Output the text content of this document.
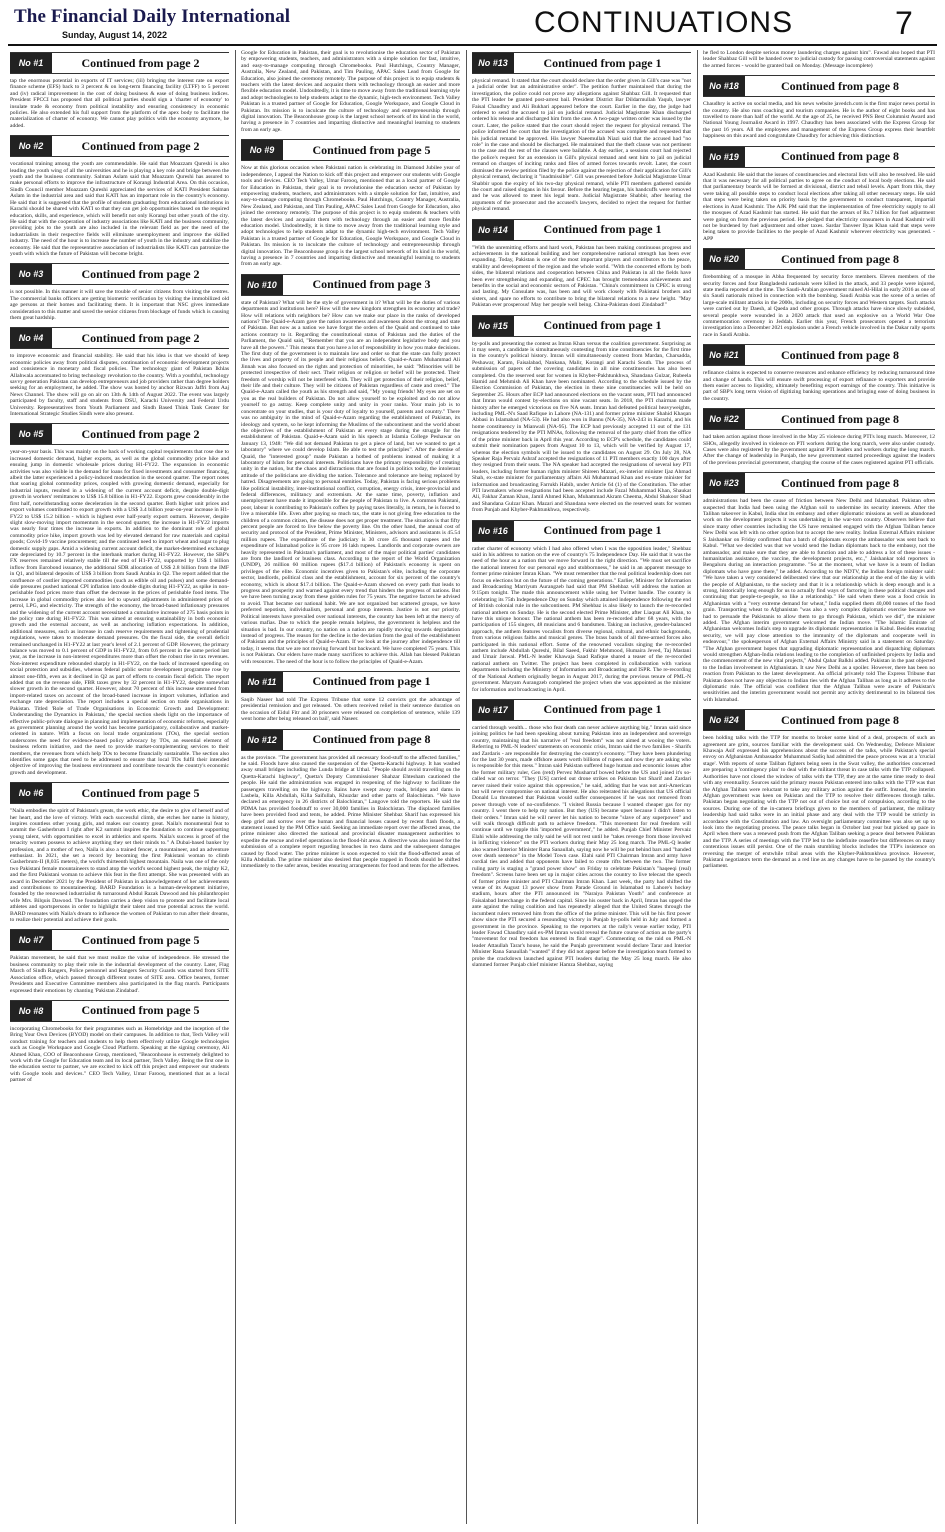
The Financial Daily International
Sunday, August 14, 2022	CONTINUATIONS	7
No #1	Continued from page 2

tap the enormous potential in exports of IT services; (iii) bringing the interest rate on export finance scheme (EFS) back to 3 percent & on long-term financing facility (LTFF) to 5 percent and (iv) radical improvement in the cost of doing business & ease of doing business indices. President FPCCI has proposed that all political parties should sign a 'charter of economy' to insulate trade & economy from political instability and ensuring consistency in economic policies. He also extended his full support from the platform of the apex body to facilitate the materialization of charter of economy. We cannot play politics with the economy anymore, he added.

No #2	Continued from page 2

vocational training among the youth are commendable. He said that Moazzam Qureshi is also leading the youth wing of all the universities and he is playing a key role and bridge between the youth and the business community. Salman Aslam said that Moazzam Qureshi has assured to make personal efforts to improve the infrastructure of Korangi Industrial Area. On this occasion, Sindh Council member Moazzam Qureshi appreciated the services of KATI President Salman Aslam in the industrial area and said that KATI has an important role in the country's economy. He said that it is suggested that the profile of students graduating from educational institutions in Karachi should be shared with KATI so that they can get job opportunities based on the required education, skills, and experience, which will benefit not only Korangi but other youth of the city. He said that with the cooperation of industry associations like KATI and the business community, providing jobs to the youth are also included in the relevant field as per the need of the industrialists in their respective fields will eliminate unemployment and improve the skilled industry. The need of the hour is to increase the number of youth in the industry and stabilize the economy. He said that the representative association of industrialists like KATI can patronize the youth with which the future of Pakistan will become bright.

No #3	Continued from page 2

is not possible. In this manner it will save the trouble of senior citizens from visiting the centres. The commercial banks officers are getting biometric verification by visiting the immobilized old age persons at their homes and facilitating them. It is important that NSC gives immediate consideration to this matter and saved the senior citizens from blockage of funds which is causing them great hardship.

No #4	Continued from page 2

to improve economic and financial stability. He said that his idea is that we should of keep economic policies away from political disputes, continuation of economic development projects and consistence in monetary and fiscal policies. The technology giant of Pakistan Ikhlas Allahwala accentuated to bring technology revolution to the country. With a youthful, technology savvy generation Pakistan can develop entrepreneurs and job providers rather than degree holders seeking for an employment, he added. The show was hosted by anchor Rizwan Jaffri from Aaj News Channel. The show will go on air on 13th & 14th of August 2022. The event was largely participated by faculty, staff and students from DSU, Karachi University and Federal Urdu University. Representatives from Youth Parliament and Sindh Based Think Tank Center for International Strategic Studies Sindh were also present.

No #5	Continued from page 2

year-on-year basis. This was mainly on the back of working capital requirements that rose due to increased domestic demand, higher exports, as well as the global commodity price hike and ensuing jump in domestic wholesale prices during H1-FY22. The expansion in economic activities was also visible in the demand for loans for fixed investments and consumer financing, albeit the latter experienced a policy-induced moderation in the second quarter. The report notes that soaring global commodity prices, coupled with growing domestic demand, especially for industrial inputs, resulted in a widening of the current account deficit, despite double-digit growth in workers' remittances to US$ 15.8 billion in H1-FY22. Exports grew considerably in the first half, notwithstanding some deceleration in the second quarter. Both higher unit prices and export volumes contributed to export growth with a US$ 3.4 billion year-on-year increase in H1-FY22 to US$ 15.2 billion - which is highest ever half-yearly export outturn. However, despite slight slow-moving import momentum in the second quarter, the increase in H1-FY22 imports was nearly four times the increase in exports. In addition to the dominant role of global commodity price hike, import growth was led by elevated demand for raw materials and capital goods; Covid-19 vaccine procurement; and the continued need to import wheat and sugar to plug domestic supply gaps. Amid a widening current account deficit, the market-determined exchange rate depreciated by 10.7 percent in the interbank market during H1-FY22. However, the SBP's FX reserves remained relatively stable till the end of H1-FY22, supported by US$ 1 billion inflow from Eurobond issuance, the additional SDR allocation of US$ 2.8 billion from the IMF in Q1, and bilateral deposits of US$ 3 billion from Saudi Arabia in Q2. The report added that the confluence of costlier imported commodities (such as edible oil and pulses) and some demand-side pressures pushed national CPI inflation into double digits during H1-FY22, as spike in non-perishable food prices more than offset the decrease in the prices of perishable food items. The increase in global commodity prices also led to upward adjustments in administered prices of petrol, LPG, and electricity. The strength of the economy, the broad-based inflationary pressures and the widening of the current account necessitated a cumulative increase of 275 basis points in the policy rate during H1-FY22. This was aimed at ensuring sustainability in both economic growth and the external account, as well as anchoring inflation expectations. In addition, additional measures, such as increase in cash reserve requirements and tightening of prudential regulations, were taken to moderate demand pressures. On the fiscal side, the overall deficit remained unchanged in H1-FY22 at last year's level of 2.1 percent of GDP. However, the primary balance was moved to 0.1 percent of GDP in H1-FY22, from 0.6 percent in the same period last year, as the increase in non-interest expenditures more than offset the robust rise in tax revenues. Non-interest expenditure rebounded sharply in H1-FY22, on the back of increased spending on social protection and subsidies, whereas federal public sector development programme rose by almost one-fifth, even as it declined in Q2 as part of efforts to contain fiscal deficit. The report added that on the revenue side, FBR taxes grew by 32 percent in H1-FY22, despite somewhat slower growth in the second quarter. However, about 70 percent of this increase stemmed from import-related taxes on account of the broad-based increase in import volumes, inflation and exchange rate depreciation. The report includes a special section on trade organisations in Pakistan. Titled 'Role of Trade Organisations in Economic Growth and Development: Understanding the Dynamics in Pakistan,' the special section sheds light on the importance of effective public-private dialogue in planning and implementation of economic reforms, especially as government planning around the world has become participatory, collaborative and market-oriented in nature. With a focus on local trade organizations (TOs), the special section underscores the need for evidence-based policy advocacy by TOs, an essential element of business reform initiative, and the need to provide market-complementing services to their members, the revenues from which help TOs to become financially sustainable. The section also identifies some gaps that need to be addressed to ensure that local TOs fulfil their intended objective of improving the business environment and contribute towards the country's economic growth and development.

No #6	Continued from page 5

"Naila embodies the spirit of Pakistan's greats, the work ethic, the desire to give of herself and of her heart, and the love of victory. With each successful climb, she etches her name in history, inspires countless other young girls, and makes our country great. Naila's monumental feat to summit the Gasherbrum I right after K2 summit inspires the foundation to continue supporting young talent, with opportunities to excel in athletics and sports. Naila's success is proof of the tenacity women possess to achieve anything they set their minds to." A Dubai-based banker by profession, and a mother of two, Naila is also a trained fencer, a mountaineer, and an adventure enthusiast. In 2021, she set a record by becoming the first Pakistani woman to climb Gasherbrum-II (8,035 meters), the world's thirteenth highest mountain. Naila was one of the only two Pakistani female mountaineers to stand atop the world's second highest peak, the mighty K2, and the first Pakistani woman to achieve this feat in the first attempt. She was presented with an award in December 2021 by the President of Pakistan in acknowledgement of her achievements and contributions to mountaineering. BARD Foundation is a human-development initiative, founded by the renowned industrialist & turnaround Abdul Razak Dawood and his philanthropist wife Mrs. Bilquis Dawood. The foundation carries a deep vision to promote and facilitate local athletes and sportspersons in order to highlight their talent and true potential across the world. BARD resonates with Naila's dream to influence the women of Pakistan to run after their dreams, to realize their potential and achieve their goals.

No #7	Continued from page 5

Pakistan movement, he said that we must realize the value of independence. He stressed the business community to play their role in the industrial development of the country. Later, Flag March of Sindh Rangers, Police personnel and Rangers Security Guards was started from SITE Association office, which passed through different routes of SITE area. Office bearers, former Presidents and Executive Committee members also participated in the flag march. Participants expressed their emotions by chanting 'Pakistan Zindabad'.

No #8	Continued from page 5

incorporating Chromebooks for their programmes such as Homebridge and the inception of the Bring Your Own Devices (BYOD) model on their campuses. In addition to that, Tech Valley will conduct training for teachers and students to help them effectively utilize Google technologies such as Google Workspace and Google Cloud Platform. Speaking at the signing ceremony, Ali Ahmed Khan, COO of Beaconhouse Group, mentioned, "Beaconhouse is extremely delighted to work with the Google for Education team and its local partner, Tech Valley. Being the first one in the education sector to partner, we are excited to kick off this project and empower our students with Google tools and devices." CEO Tech Valley, Umar Farooq, mentioned that as a local partner of

Google for Education in Pakistan, their goal is to revolutionise the education sector of Pakistan by empowering students, teachers, and administrators with a simple solution for fast, intuitive, and easy-to-manage computing through Chromebooks. Paul Hutchings, Country Manager, Australia, New Zealand, and Pakistan, and Tim Pauling, APAC Sales Lead from Google for Education, also joined the ceremony remotely. The purpose of this project is to equip students & teachers with the latest devices and acquaint them with technology through an easier and more flexible education model. Undoubtedly, it is time to move away from the traditional learning style and adopt technologies to help students adapt to the dynamic, high-tech environment. Tech Valley Pakistan is a trusted partner of Google for Education, Google Workspace, and Google Cloud in Pakistan. Its mission is to inculcate the culture of technology and entrepreneurship through digital innovation. The Beaconhouse group is the largest school network of its kind in the world, having a presence in 7 countries and imparting distinctive and meaningful learning to students from an early age.

No #9	Continued from page 5

Now at this glorious occasion when Pakistani nation is celebrating its Diamond Jubilee year of independence, I appeal the Nation to kick off this project and empower our students with Google tools and devices. CEO Tech Valley, Umar Farooq, mentioned that as a local partner of Google for Education in Pakistan, their goal is to revolutionise the education sector of Pakistan by empowering students, teachers, and administrators with a simple solution for fast, intuitive, and easy-to-manage computing through Chromebooks. Paul Hutchings, Country Manager, Australia, New Zealand, and Pakistan, and Tim Pauling, APAC Sales Lead from Google for Education, also joined the ceremony remotely. The purpose of this project is to equip students & teachers with the latest devices and acquaint them with technology through an easier and more flexible education model. Undoubtedly, it is time to move away from the traditional learning style and adopt technologies to help students adapt to the dynamic high-tech environment. Tech Valley Pakistan is a trusted partner of Google for Education, Google Workspace, and Google Cloud in Pakistan. Its mission is to inculcate the culture of technology and entrepreneurship through digital innovation. The Beaconhouse group is the largest school network of its kind in the world, having a presence in 7 countries and imparting distinctive and meaningful learning to students from an early age.

No #10	Continued from page 3

state of Pakistan? What will be the style of government in it? What will be the duties of various departments and institutions here? How will the new kingdom strengthen its economy and trade? How will relations with neighbors be? How can we make our place in the ranks of developed nations? The Quaid-e-Azam gave the nation awareness and awareness about the strong and state of Pakistan. But now as a nation we have forgot the orders of the Quaid and continued to take actions contrary to it. Regarding the constitutional status of Pakistan and the duties of the Parliament, the Quaid said, "Remember that you are an independent legislative body and you have all the powers." This means that you have a lot of responsibility in how you make decisions. The first duty of the government is to maintain law and order so that the state can fully protect the lives and property of its people and their religious beliefs. Quaid-e-Azam Muhammad Ali Jinnah was also focused on the rights and protection of minorities, he said: "Minorities will be protected irrespective of their sect. Their religion or religion or belief will be protected. Their freedom of worship will not be interfered with. They will get protection of their religion, belief, their life and their culture. They will be citizens of Pakistan regardless of caste and creed." The Quaid-e-Azam called the youth as his strength and said, "My young friends! My eyes are set on you as the real builders of Pakistan. Do not allow yourself to be exploited and do not allow yourself to go astray. Keep complete unity and unity in your ranks. Your main job is to concentrate on your studies, that is your duty of loyalty to yourself, parents and country." There was no ambiguity in the mind of Quaid-e-Azam regarding the establishment of Pakistan, its ideology and system, so he kept informing the Muslims of the subcontinent and the world about the objectives of the establishment of Pakistan at every stage during the struggle for the establishment of Pakistan. Quaid-e-Azam said in his speech at Islamia College Peshawar on January 13, 1948: "We did not demand Pakistan to get a piece of land, but we wanted to get a laboratory" where we could develop Islam. Be able to test the principles". After the demise of Quaid, the "interested group" made Pakistan a hotbed of problems instead of making it a laboratory of Islam for personal interests. Politicians have the primary responsibility of creating unity in the nation, but the chaos and distractions that are found in politics today, the intolerant attitude of the politicians are dividing the nation. Tolerance and tolerance are being replaced by hatred. Disagreements are going to personal enmities. Today, Pakistan is facing serious problems like political instability, inter-institutional conflict, corruption, energy crisis, inter-provincial and federal differences, militancy and extremism. At the same time, poverty, inflation and unemployment have made it impossible for the people of Pakistan to live. A common Pakistani, poor, labour is contributing to Pakistan's coffers by paying taxes literally, in return, he is forced to live a miserable life. Even after paying so much tax, the state is not giving free education to the children of a common citizen, the disease does not get proper treatment. The situation is that fifty percent people are forced to live below the poverty line. On the other hand, the annual cost of security and protocol of the President, Prime Minister, Ministers, advisors and assistants is 45.54 million rupees. The expenditure of the judiciary is 30 crore 45 thousand rupees and the expenditure of Islamabad police is 95 crore 16 lakh rupees. Landlords and corporate owners are heavily represented in Pakistan's parliament, and most of the major political parties' candidates are from the landlord or business class. According to the report of the World Organization (UNDP), 26 million 60 million rupees ($17.4 billion) of Pakistan's economy is spent on privileges of the elite. Economic incentives given to Pakistan's elite, including the corporate sector, landlords, political class and the establishment, account for six percent of the country's economy, which is about $17.4 billion. The Quaid-e-Azam showed on every path that leads to progress and prosperity and warned against every trend that hinders the progress of nations. But we have been turning away from these golden rules for 75 years. The negative factors he advised to avoid. That became our national habit. We are not organized but scattered groups, we have preferred nepotism, individualism, personal and group interests. Justice is not our priority. Political interests have prevailed over national interests, the country has been left at the mercy of various mafias. Due to which the people remain helpless, the government is helpless and the situation is bad. In our country, no nation on a nation are rapidly moving towards degradation instead of progress. The reason for the decline is the deviation from the goal of the establishment of Pakistan and the principles of Quaid-e-Azam. If we look at the journey after independence till today, it seems that we are not moving forward but backward. We have completed 75 years. This is not Pakistan. Our elders have made many sacrifices to achieve this. Allah has blessed Pakistan with resources. The need of the hour is to follow the principles of Quaid-e-Azam.

No #11	Continued from page 1

Saqib Naseer had told The Express Tribune that some 12 convicts got the advantage of presidential remission and got released. 'On others received relief in their sentence duration on the occasion of Eidul Fitr and 30 prisoners were released on completion of sentence, while 139 went home after being released on bail', said Naseer.

No #12	Continued from page 8

as the province. "The government has provided all necessary food-stuff to the affected families," he said. Floods have also caused the suspension of the Quetta-Karachi highway. It has washed away small bridges including the Lunda bridge at Uthal. "People should avoid travelling on the Quetta-Karachi highway", Quetta's Deputy Commissioner Shahzar Ehtesham cautioned the people. He said the administration was engaged in reopening of the highway to facilitate the passengers travelling on the highway. Rains have swept away roads, bridges and dams in Lasbela, Killa Abdullah, Killa Saifullah, Khuzdar and other parts of Balochistan. "We have declared an emergency in 26 districts of Balochistan," Langove told the reporters. He said the PDMA has provided foodstuff to over 30,000 families in Balochistan. The displaced families have been provided food and tents, he added. Prime Minister Shehbaz Sharif has expressed his deep grief and sorrow over the human and financial losses caused by recent flash floods, a statement issued by the PM Office said. Seeking an immediate report over the affected areas, the prime minister also directed the national and provincial disaster management authorities to expedite the rescue and relief operations in the flood-hit areas. A directive was also issued for the submission of a complete report regarding breaches in two dams and the subsequent damages caused by flood water. The prime minister is soon expected to visit the flood-affected areas of Killa Abdullah. The prime minister also desired that people trapped in floods should be shifted immediately to the safer areas, besides ensuring arrangements for food and tents for the affectees.

No #13	Continued from page 1

physical remand. It stated that the court should declare that the order given in Gill's case was "not a judicial order but an administrative order". The petition further maintained that during the investigation, the police could not prove any allegations against Shahbaz Gill. It requested that the PTI leader be granted post-arrest bail. President District Bar Dildarmullah Yaqub, lawyer Faisal Chaudhry and Ali Bukhari appeared before the court. Earlier in the day, the judge had ordered to send the accused to jail on judicial remand. Judicial Magistrate Khan discharged ordered his release and discharged him from the case. A two-page written order was issued by the court. Later, the police stated that the court should reject the request for physical remand. The police informed the court that the investigation of the accused was complete and requested that his judicial remand be approved. His lawyer Naeemullah Niazi said that the accused had "no role" in the case and should be discharged. He maintained that the theft clause was not pertinent to the case and the rest of the clauses were bailable. A day earlier, a sessions court had rejected the police's request for an extension in Gill's physical remand and sent him to jail on judicial remand on charges of inciting ranks and files of armed forces towards revolt. Later, the court dismissed the review petition filed by the police against the rejection of their application for Gill's physical remand, declaring it "inadmissible". Gill was presented before Judicial Magistrate Umar Shabbir upon the expiry of his two-day physical remand, while PTI members gathered outside the court and raised slogans in his favour. Before the hearing began, his handcuffs were removed and he was allowed to meet his legal team. Judicial Magistrate Shabbir, after hearing the arguments of the prosecutor and the accused's lawyers, decided to reject the request for further physical remand.

No #14	Continued from page 1

"With the unremitting efforts and hard work, Pakistan has been making continuous progress and achievements in the national building and her comprehensive national strength has been ever expanding. Today, Pakistan is one of the most important players and contributors to the peace, stability and development of the region and the whole world. "With the concerted efforts by both sides, the bilateral relations and cooperation between China and Pakistan in all the fields have been ever strengthening and expanding, and CPEC has brought tremendous achievements and benefits in the social and economic sectors of Pakistan. "China's commitment in CPEC is strong and lasting. My Consulate was, has been and will work closely with Pakistani brothers and sisters, and spare no efforts to contribute to bring the bilateral relations to a new height. "May Pakistan ever prosperous! May her people well being. China-Pakistan dosti Zindabad!"

No #15	Continued from page 1

by-polls and presenting the contest as Imran Khan versus the coalition government. Surprising as it may seem, a candidate is simultaneously contesting from nine constituencies for the first time in the country's political history. Imran will simultaneously contest from Mardan, Charsadda, Peshawar, Karam, Faisalabad, Nankana, Malir, Korangi and Karachi South. The process of submission of papers of the covering candidates in all nine constituencies has also been completed. On the reserved seat for women in Khyber-Pakhtunkhwa, Shandana Gulzar, Rubeela Hamid and Mehmish Ali Khan have been nominated. According to the schedule issued by the Election Commission of Pakistan, the election in these nine constituencies will be held on September 25. Hours after ECP had announced elections on the vacant seats, PTI had announced that Imran would contest by-elections on nine vacant seats. In 2018, the PTI chairman made history after he emerged victorious on five NA seats. Imran had defeated political heavyweights, including PML-N's Saad Rafique in Lahore (NA-131) and former prime minister Shahid Khaqan Abbasi in Islamabad (NA-53). He had also won in Bannu (NA-35), NA-243 in Karachi, and his home constituency in Mianwali (NA-95). The ECP had previously accepted 11 out of the 131 resignations tendered by the PTI MNAs, following the removal of the party chief from the office of the prime minister back in April this year. According to ECP's schedule, the candidates could submit their nomination papers from August 10 to 13, which will be verified by August 17, whereas the election symbols will be issued to the candidates on August 29. On July 28, NA Speaker Raja Pervaiz Ashraf accepted the resignations of 11 PTI members exactly 100 days after they resigned from their seats. The NA speaker had accepted the resignations of several key PTI leaders, including former human rights minister Shireen Mazari, ex-interior minister Ijaz Ahmad Shah, ex-state minister for parliamentary affairs Ali Muhammad Khan and ex-state minister for information and broadcasting Farrukh Habib, under Article 64 (1) of the Constitution. The other PTI lawmakers whose resignations had been accepted include Fazal Muhammad Khan, Shaukat Ali, Fakhar Zaman Khan, Jamil Ahmed Khan, Muhammad Akram Cheema, Abdul Shakoor Shad and Shandana Gulzar Khan. Mazari and Shandana were elected on the reserved seats for women from Punjab and Khyber-Pakhtunkhwa, respectively.

No #16	Continued from page 1

rather charter of economy which I had also offered when I was the opposition leader," Shehbaz said in his address to nation on the eve of country's 75 Independence Day. He said that it was the need of the hour as a nation that we move forward in the right direction. "We must set sacrifice the national interest for our personal ego and stubbornness," he said in an apparent message to former prime minister Imran Khan. "We must remember that the real political leadership does not focus on elections but on the future of the coming generations." Earlier, Minister for Information and Broadcasting Marriyum Aurangzeb had said that PM Shehbaz will address the nation at 9:15pm tonight. The made this announcement while using her Twitter handle. The country is celebrating its 75th Independence Day on Sunday which attained independence following the end of British colonial rule in the subcontinent. PM Shehbaz is also likely to launch the re-recorded national anthem on Sunday. He is the second elected Prime Minister, after Liaquat Ali Khan, to have this unique honour. The national anthem has been re-recorded after 68 years, with the participation of 155 singers, 48 musicians and 6 bandsmen. Taking an inclusive, gender-balanced approach, the anthem features vocalists from diverse regional, cultural, and ethnic backgrounds, from various religious faiths and musical genres. The brass bands of all three-armed forces also participated in this national effort. Some of the renowned vocalists singing the re-recorded anthem include Abdullah Qureshi, Bilal Saeed, Fakhir Mehmood, Humaira Jeved, Taj Mastani and Umair Jaswal. PML-N leader Khawaja Saad Rafique shared a teaser of the re-recorded national anthem on Twitter. The project has been completed in collaboration with various departments including the Ministry of Information and Broadcasting and ISPR. The re-recording of the National Anthem originally began in August 2017, during the previous tenure of PML-N government. Maryam Aurangzeb completed the project when she was appointed as the minister for information and broadcasting in April.

No #17	Continued from page 1

carried through wealth... those who fear death can never achieve anything big." Imran said since joining politics he had been speaking about turning Pakistan into an independent and sovereign country, maintaining that his narrative of "real freedom" was not aimed at wooing the voters. Referring to PML-N leaders' statements on economic crisis, Imran said the two families - Sharifs and Zardaris - are responsible for destroying the country's economy. "They have been plundering for the last 30 years, made offshore assets worth billions of rupees and now they are asking who is responsible for this mess." Imran said Pakistan suffered huge human and economic losses after the former military ruler, Gen (retd) Pervez Musharraf bowed before the US and joined it's so-called war on terror. "They [US] carried out drone strikes on Pakistan but Sharif and Zardari never raised their voice against this oppression," he said, adding that he was not anti-American but will never compromise on national interest. He also reiterated his allegations that US official Donald Lu threatened that Pakistan would suffer consequences if he was not removed from power through vote of no-confidence. "I visited Russia because I wanted cheaper gas for my country. I went there to help my nation. But they (US) became upset because I didn't listen to their orders." Imran said he will never let his nation to become "slave of any superpower" and will walk through difficult path to achieve freedom. "This movement for real freedom will continue until we topple this 'imported government'," he added. Punjab Chief Minister Pervaiz Elahi while addressing the rally said he will not rest until he "takes revenge from those involved in inflicting violence" on the PTI workers during their May 25 long march. The PML-Q leader also warned Interior Minister Rana Sanaullah, saying now he will be put behind bars and "handed over death sentence" in the Model Town case. Elahi said PTI Chairman Imran and army have cordial ties and added that opponents have failed to create rifts between the two. The former ruling party is staging a "grand power show" on Friday to celebrate Pakistan's "haqeeqi (real) freedom". Screens have been set up in major cities across the country to live telecast the speech of former prime minister and PTI Chairman Imran Khan. Last week, the party had shifted the venue of its August 13 power show from Parade Ground in Islamabad to Lahore's hockey stadium, hours after the PTI announced its "Naraiya Pakistan Youth" and conference at Faisalabad Interchange in the federal capital. Since his ouster back in April, Imran has upped the ante against the ruling coalition and has repeatedly alleged that the United States through the incumbent rulers removed him from the office of the prime minister. This will be his first power show since the PTI secured a resounding victory in Punjab by-polls held in July and formed a government in the province. Speaking to the reporters at the rally's venue earlier today, PTI leader Fawad Chaudhry said ex-PM Imran would reveal the future course of action as the party's "movement for real freedom has entered its final stage". Commenting on the raid on PML-N leader Attaullah Tarar's house, he said the Punjab government would declare Tarar and Interior Minister Rana Sanaullah "wanted" if they did not appear before the investigation team formed to probe the crackdown launched against PTI leaders during the May 25 long march. He also slammed former Punjab chief minister Hamza Shehbaz, saying

he fled to London despite serious money laundering charges against him". Fawad also hoped that PTI leader Shahbaz Gill will be handed over to judicial custody for passing controversial statements against the armed forces - would be granted bail on Monday. (Message incomplete)

No #18	Continued from page 8

Chaudhry is active on social media, and his news website javedch.com is the first major news portal in the country. He also runs coaching and tourism companies. He is the author of eight books and has travelled to more than half of the world. At the age of 25, he received PNS Best Columnist Award and National Young Journalist Award in 1997. Chaudhry has been associated with the Express Group for the past 16 years. All the employees and management of the Express Group express their heartfelt happiness on this award and congratulate Chaudhry for achieving this distinction.

No #19	Continued from page 8

Azad Kashmir. He said that the issues of constituencies and electoral lists will also be resolved. He said that it was necessary for all political parties to agree on the conduct of local body elections. He said that parliamentary boards will be formed at divisional, district and tehsil levels. Apart from this, they were taking all possible steps to conduct local elections after taking all other necessary steps. He said that steps were being taken on priority basis by the government to conduct transparent, impartial elections in Azad Kashmir. The AJK PM said that the implementation of free electricity supply to all the mosques of Azad Kashmir has started. He said that the arrears of Rs.7 billion for fuel adjustment were going on from the previous period. He pledged that electricity consumers in Azad Kashmir will not be burdened by fuel adjustment and other taxes. Sardar Tanveer Ilyas Khan said that steps were being taken to provide facilities to the people of Azad Kashmir wherever electricity was generated. - APP

No #20	Continued from page 8

firebombing of a mosque in Abha frequented by security force members. Eleven members of the security forces and four Bangladeshi nationals were killed in the attack, and 33 people were injured, state media reported at the time. The Saudi-Arabian government ruined Al-Hilal in early 2016 as one of six Saudi nationals mixed in connection with the bombing. Saudi Arabia was the scene of a series of large-scale militant attacks in the 2000s, including on security forces and Western targets. Such attacks were carried out by Daesh, al Qaeda and other groups. Through attacks have since slowly subsided, several people were wounded in a 2020 attack that used an explosive on a World War One commemoration ceremony in Jeddah. Earlier this year, French prosecutors opened a terrorism investigation into a December 2021 explosion under a French vehicle involved in the Dakar rally sports race in Saudi Arabia.

No #21	Continued from page 8

refinance claims is expected to conserve resources and enhance efficiency by reducing turnaround time and change of hands. This will ensure swift processing of export refinance to exporters and provide them easier access to liquidity, ultimately benefiting export earnings of the country. This initiative is part of SBP's long term vision of digitizing banking operations and bringing ease of doing business in the country.

No #22	Continued from page 8

had taken action against those involved in the May 25 violence during PTI's long march. Moreover, 12 SHOs, allegedly involved in violence on PTI workers during the long march, were also under custody. Cases were also registered by the government against PTI leaders and workers during the long march. After the change of leadership in Punjab, the new government started proceedings against the leaders of the previous provincial government, charging the course of the cases registered against PTI officials.

No #23	Continued from page 8

administrations had been the cause of friction between New Delhi and Islamabad. Pakistan often suspected that India had been using the Afghan soil to undermine its security interests. After the Taliban takeover in Kabul, India shut its embassy and other diplomatic missions as well as abandoned work on the development projects it was undertaking in the war-torn country. Observers believe that since many other countries including the US have remained engaged with the Afghan Taliban hence New Delhi was left with no other option but to accept the new reality. Indian External Affairs minister S Jaishankar on Friday confirmed that a batch of diplomats except the ambassador was sent back to Kabul. "What we decided was that we would send the Indian diplomats back to the embassy, not the ambassador, and make sure that they are able to function and able to address a lot of these issues - humanitarian assistance, the vaccine, the development projects, etc.," Jaishankar told reporters in Bengaluru during an interaction programme. "So at the moment, what we have is a team of Indian diplomats who have gone there," he added. According to the NDTV, the Indian foreign minister said: "We have taken a very considered deliberated view that our relationship at the end of the day is with the people of Afghanistan, to the society and that it is a relationship which is deep enough and is a strong, historically long enough for us to actually find ways of factoring in these political changes and continuing that people-to-people, so like a relationship." He said when there was a food crisis in Afghanistan with a "very extreme demand for wheat," India supplied them 40,000 tonnes of the food grain. Transporting wheat to Afghanistan "was also a very complex diplomatic exercise because we had to persuade the Pakistanis to allow them to go through Pakistan, which we did", the minister added. The Afghan interim government welcomed the Indian move. "The Islamic Emirate of Afghanistan welcomes India's step to upgrade its diplomatic representation in Kabul. Besides ensuring security, we will pay close attention to the immunity of the diplomats and cooperate well in endeavour," the spokesperson of Afghan External Affairs Ministry said in a statement on Saturday. "The Afghan government hopes that upgrading diplomatic representation and dispatching diplomats would strengthen Afghan-India relations leading to the completion of unfinished projects by India and the commencement of the new vital projects," Abdul Qahar Balkhi added. Pakistan in the past objected to the Indian involvement in Afghanistan. It saw New Delhi as a spoiler. However, there has been no reaction from Pakistan to the latest development. An official privately told The Express Tribune that Pakistan does not have any objection to Indian ties with the Afghan Taliban as long as it adheres to the diplomatic rule. The official was confident that the Afghan Taliban were aware of Pakistan's sensitivities and the interim government would not permit any activity detrimental to its bilateral ties with Islamabad.

No #24	Continued from page 8

been holding talks with the TTP for months to broker some kind of a deal, prospects of such an agreement are grim, sources familiar with the development said. On Wednesday, Defence Minister Khawaja Asif expressed his apprehensions about the success of the talks, while Pakistan's special envoy on Afghanistan Ambassador Muhammad Sadiq had admitted the peace process was at a 'crucial stage'. With reports of some Taliban fighters being seen in the Swat valley, the authorities concerned are preparing a 'contingency plan' to deal with the militant threat in case talks with the TTP collapsed. Authorities have not closed the window of talks with the TTP, they are at the same time ready to deal with any eventuality. Sources said the primary reason Pakistan entered into talks with the TTP was that the Afghan Taliban were reluctant to take any military action against the outfit. Instead, the interim Afghan government was keen on Pakistan and the TTP to resolve their differences through talks. Pakistan began negotiating with the TTP not out of choice but out of compulsion, according to the sources. During one of the in-camera briefings given to the members of parliament, the military leadership had said talks were in an initial phase and any deal with the TTP would be strictly in accordance with the Constitution and law. An oversight parliamentary committee was also set up to look into the negotiating process. The peace talks began in October last year but picked up pace in April when there was a renewed push from the Afghan Taliban seeking a peace deal between Pakistan and the TTP. A series of meetings with the TTP led to the indefinite ceasefire but differences on many contentious issues still persist. One of the main stumbling blocks includes the TTP's insistence on reversing the merger of erstwhile tribal areas with the Khyber-Pakhtunkhwa province. However, Pakistani negotiators term the demand as a red line as any changes have to be passed by the country's parliament.
